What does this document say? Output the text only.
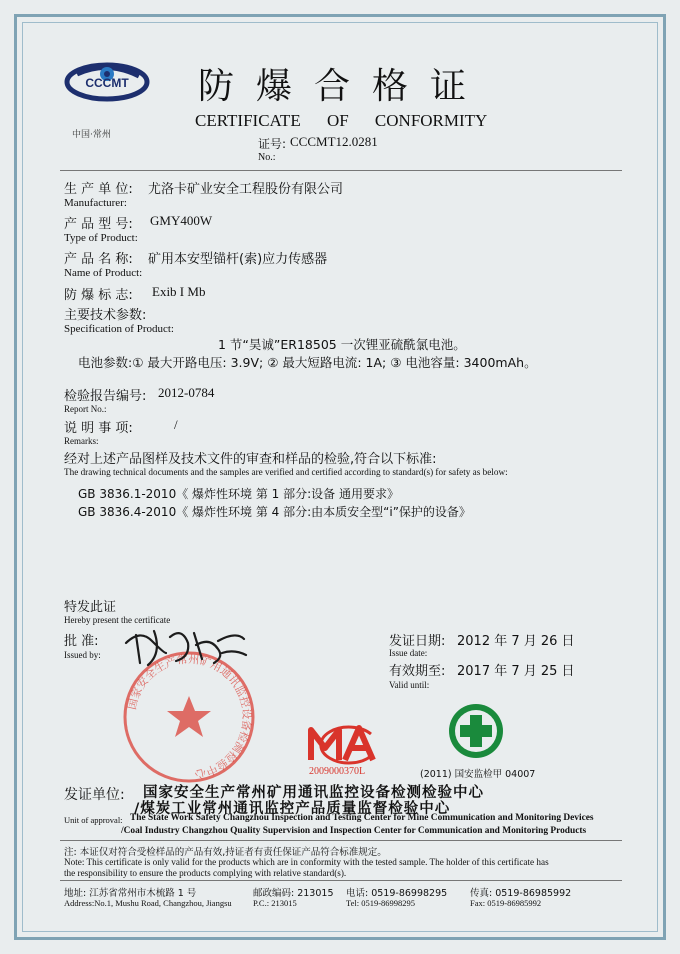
CCCMT
中国·常州
防爆合格证
CERTIFICATE OF CONFORMITY
证号: CCCMT12.0281
No.:
生 产 单 位: 尤洛卡矿业安全工程股份有限公司
Manufacturer:
产 品 型 号: GMY400W
Type of Product:
产 品 名 称: 矿用本安型锚杆(索)应力传感器
Name of Product:
防 爆 标 志: Exib I Mb
主要技术参数:
Specification of Product:
1 节“昊诚”ER18505 一次锂亚硫酰氯电池。
电池参数:① 最大开路电压: 3.9V; ② 最大短路电流: 1A; ③ 电池容量: 3400mAh。
检验报告编号: 2012-0784
Report No.:
说 明 事 项:	/
Remarks:
经对上述产品图样及技术文件的审查和样品的检验,符合以下标准:
The drawing technical documents and the samples are verified and certified according to standard(s) for safety as below:
GB 3836.1-2010《 爆炸性环境 第 1 部分:设备 通用要求》
GB 3836.4-2010《 爆炸性环境 第 4 部分:由本质安全型“i”保护的设备》
特发此证
Hereby present the certificate
批 准:
Issued by:
发证日期: 2012 年 7 月 26 日
Issue date:
有效期至: 2017 年 7 月 25 日
Valid until:
国家安全生产常州矿用通讯监控设备检测检验中心	2009000370L	(2011) 国安监检甲 04007
发证单位: 国家安全生产常州矿用通讯监控设备检测检验中心
/煤炭工业常州通讯监控产品质量监督检验中心
Unit of approval: The State Work Safety Changzhou Inspection and Testing Center for Mine Communication and Monitoring Devices
/Coal Industry Changzhou Quality Supervision and Inspection Center for Communication and Monitoring Products
注: 本证仅对符合受检样品的产品有效,持证者有责任保证产品符合标准规定。
Note: This certificate is only valid for the products which are in conformity with the tested sample. The holder of this certificate has
the responsibility to ensure the products complying with relative standard(s).
地址: 江苏省常州市木梳路 1 号
Address:No.1, Mushu Road, Changzhou, Jiangsu
邮政编码: 213015
P.C.: 213015
电话: 0519-86998295
Tel: 0519-86998295
传真: 0519-86985992
Fax: 0519-86985992
